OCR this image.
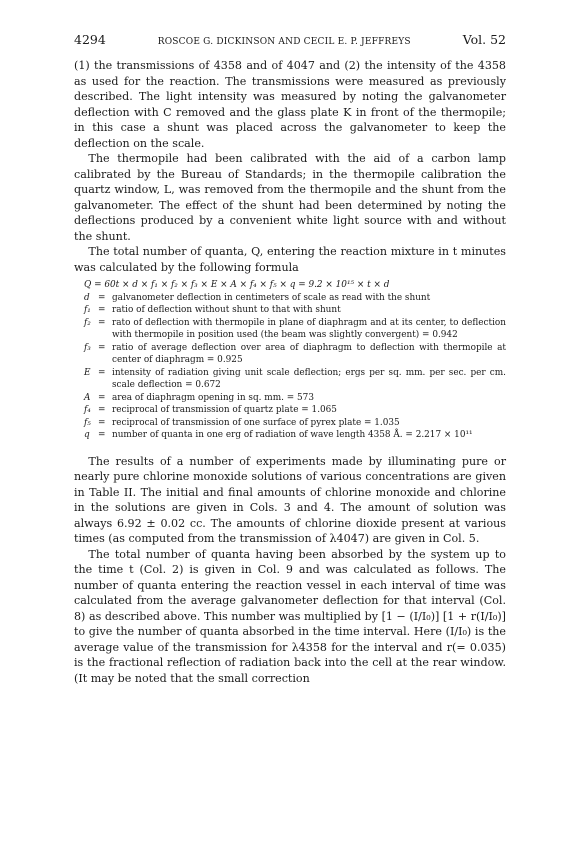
4294	ROSCOE G. DICKINSON AND CECIL E. P. JEFFREYS	Vol. 52

(1) the transmissions of 4358 and of 4047 and (2) the intensity of the 4358 as used for the reaction. The transmissions were measured as previously described. The light intensity was measured by noting the galvanometer deflection with C removed and the glass plate K in front of the thermopile; in this case a shunt was placed across the galvanometer to keep the deflection on the scale.

The thermopile had been calibrated with the aid of a carbon lamp calibrated by the Bureau of Standards; in the thermopile calibration the quartz window, L, was removed from the thermopile and the shunt from the galvanometer. The effect of the shunt had been determined by noting the deflections produced by a convenient white light source with and without the shunt.

The total number of quanta, Q, entering the reaction mixture in t minutes was calculated by the following formula

Q = 60t × d × f₁ × f₂ × f₃ × E × A × f₄ × f₅ × q = 9.2 × 10¹⁵ × t × d
d = galvanometer deflection in centimeters of scale as read with the shunt
f₁ = ratio of deflection without shunt to that with shunt
f₂ = rato of deflection with thermopile in plane of diaphragm and at its center, to deflection with thermopile in position used (the beam was slightly convergent) = 0.942
f₃ = ratio of average deflection over area of diaphragm to deflection with thermopile at center of diaphragm = 0.925
E = intensity of radiation giving unit scale deflection; ergs per sq. mm. per sec. per cm. scale deflection = 0.672
A = area of diaphragm opening in sq. mm. = 573
f₄ = reciprocal of transmission of quartz plate = 1.065
f₅ = reciprocal of transmission of one surface of pyrex plate = 1.035
q = number of quanta in one erg of radiation of wave length 4358 Å. = 2.217 × 10¹¹

The results of a number of experiments made by illuminating pure or nearly pure chlorine monoxide solutions of various concentrations are given in Table II. The initial and final amounts of chlorine monoxide and chlorine in the solutions are given in Cols. 3 and 4. The amount of solution was always 6.92 ± 0.02 cc. The amounts of chlorine dioxide present at various times (as computed from the transmission of λ4047) are given in Col. 5.

The total number of quanta having been absorbed by the system up to the time t (Col. 2) is given in Col. 9 and was calculated as follows. The number of quanta entering the reaction vessel in each interval of time was calculated from the average galvanometer deflection for that interval (Col. 8) as described above. This number was multiplied by [1 − (I/I₀)] [1 + r(I/I₀)] to give the number of quanta absorbed in the time interval. Here (I/I₀) is the average value of the transmission for λ4358 for the interval and r(= 0.035) is the fractional reflection of radiation back into the cell at the rear window. (It may be noted that the small correction
